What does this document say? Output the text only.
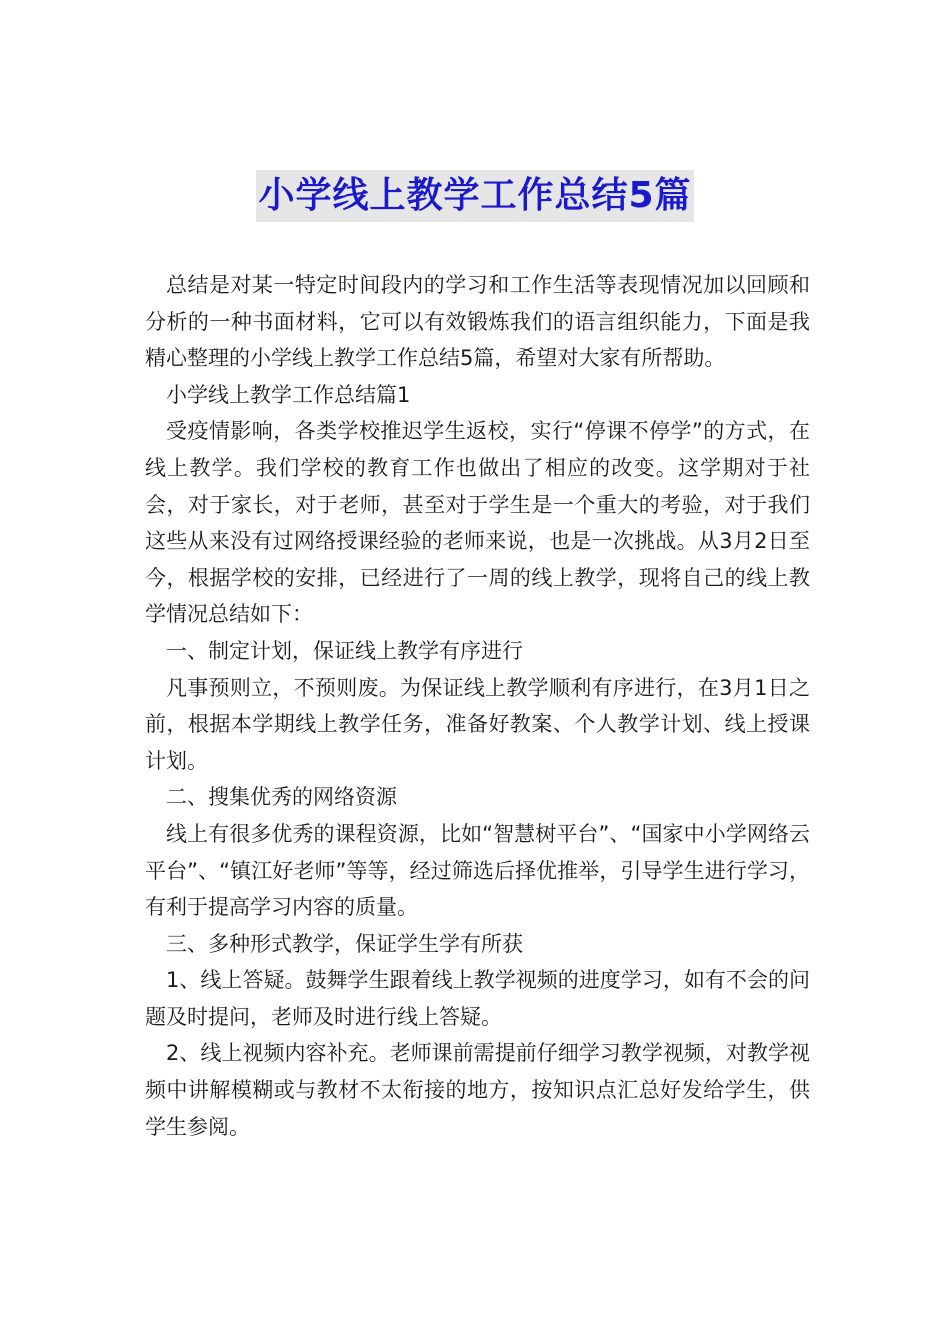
小学线上教学工作总结5篇

总结是对某一特定时间段内的学习和工作生活等表现情况加以回顾和分析的一种书面材料，它可以有效锻炼我们的语言组织能力，下面是我精心整理的小学线上教学工作总结5篇，希望对大家有所帮助。

小学线上教学工作总结篇1

受疫情影响，各类学校推迟学生返校，实行“停课不停学”的方式，在线上教学。我们学校的教育工作也做出了相应的改变。这学期对于社会，对于家长，对于老师，甚至对于学生是一个重大的考验，对于我们这些从来没有过网络授课经验的老师来说，也是一次挑战。从3月2日至今，根据学校的安排，已经进行了一周的线上教学，现将自己的线上教学情况总结如下：

一、制定计划，保证线上教学有序进行

凡事预则立，不预则废。为保证线上教学顺利有序进行，在3月1日之前，根据本学期线上教学任务，准备好教案、个人教学计划、线上授课计划。

二、搜集优秀的网络资源

线上有很多优秀的课程资源，比如“智慧树平台”、“国家中小学网络云平台”、“镇江好老师”等等，经过筛选后择优推举，引导学生进行学习，有利于提高学习内容的质量。

三、多种形式教学，保证学生学有所获

1、线上答疑。鼓舞学生跟着线上教学视频的进度学习，如有不会的问题及时提问，老师及时进行线上答疑。

2、线上视频内容补充。老师课前需提前仔细学习教学视频，对教学视频中讲解模糊或与教材不太衔接的地方，按知识点汇总好发给学生，供学生参阅。
